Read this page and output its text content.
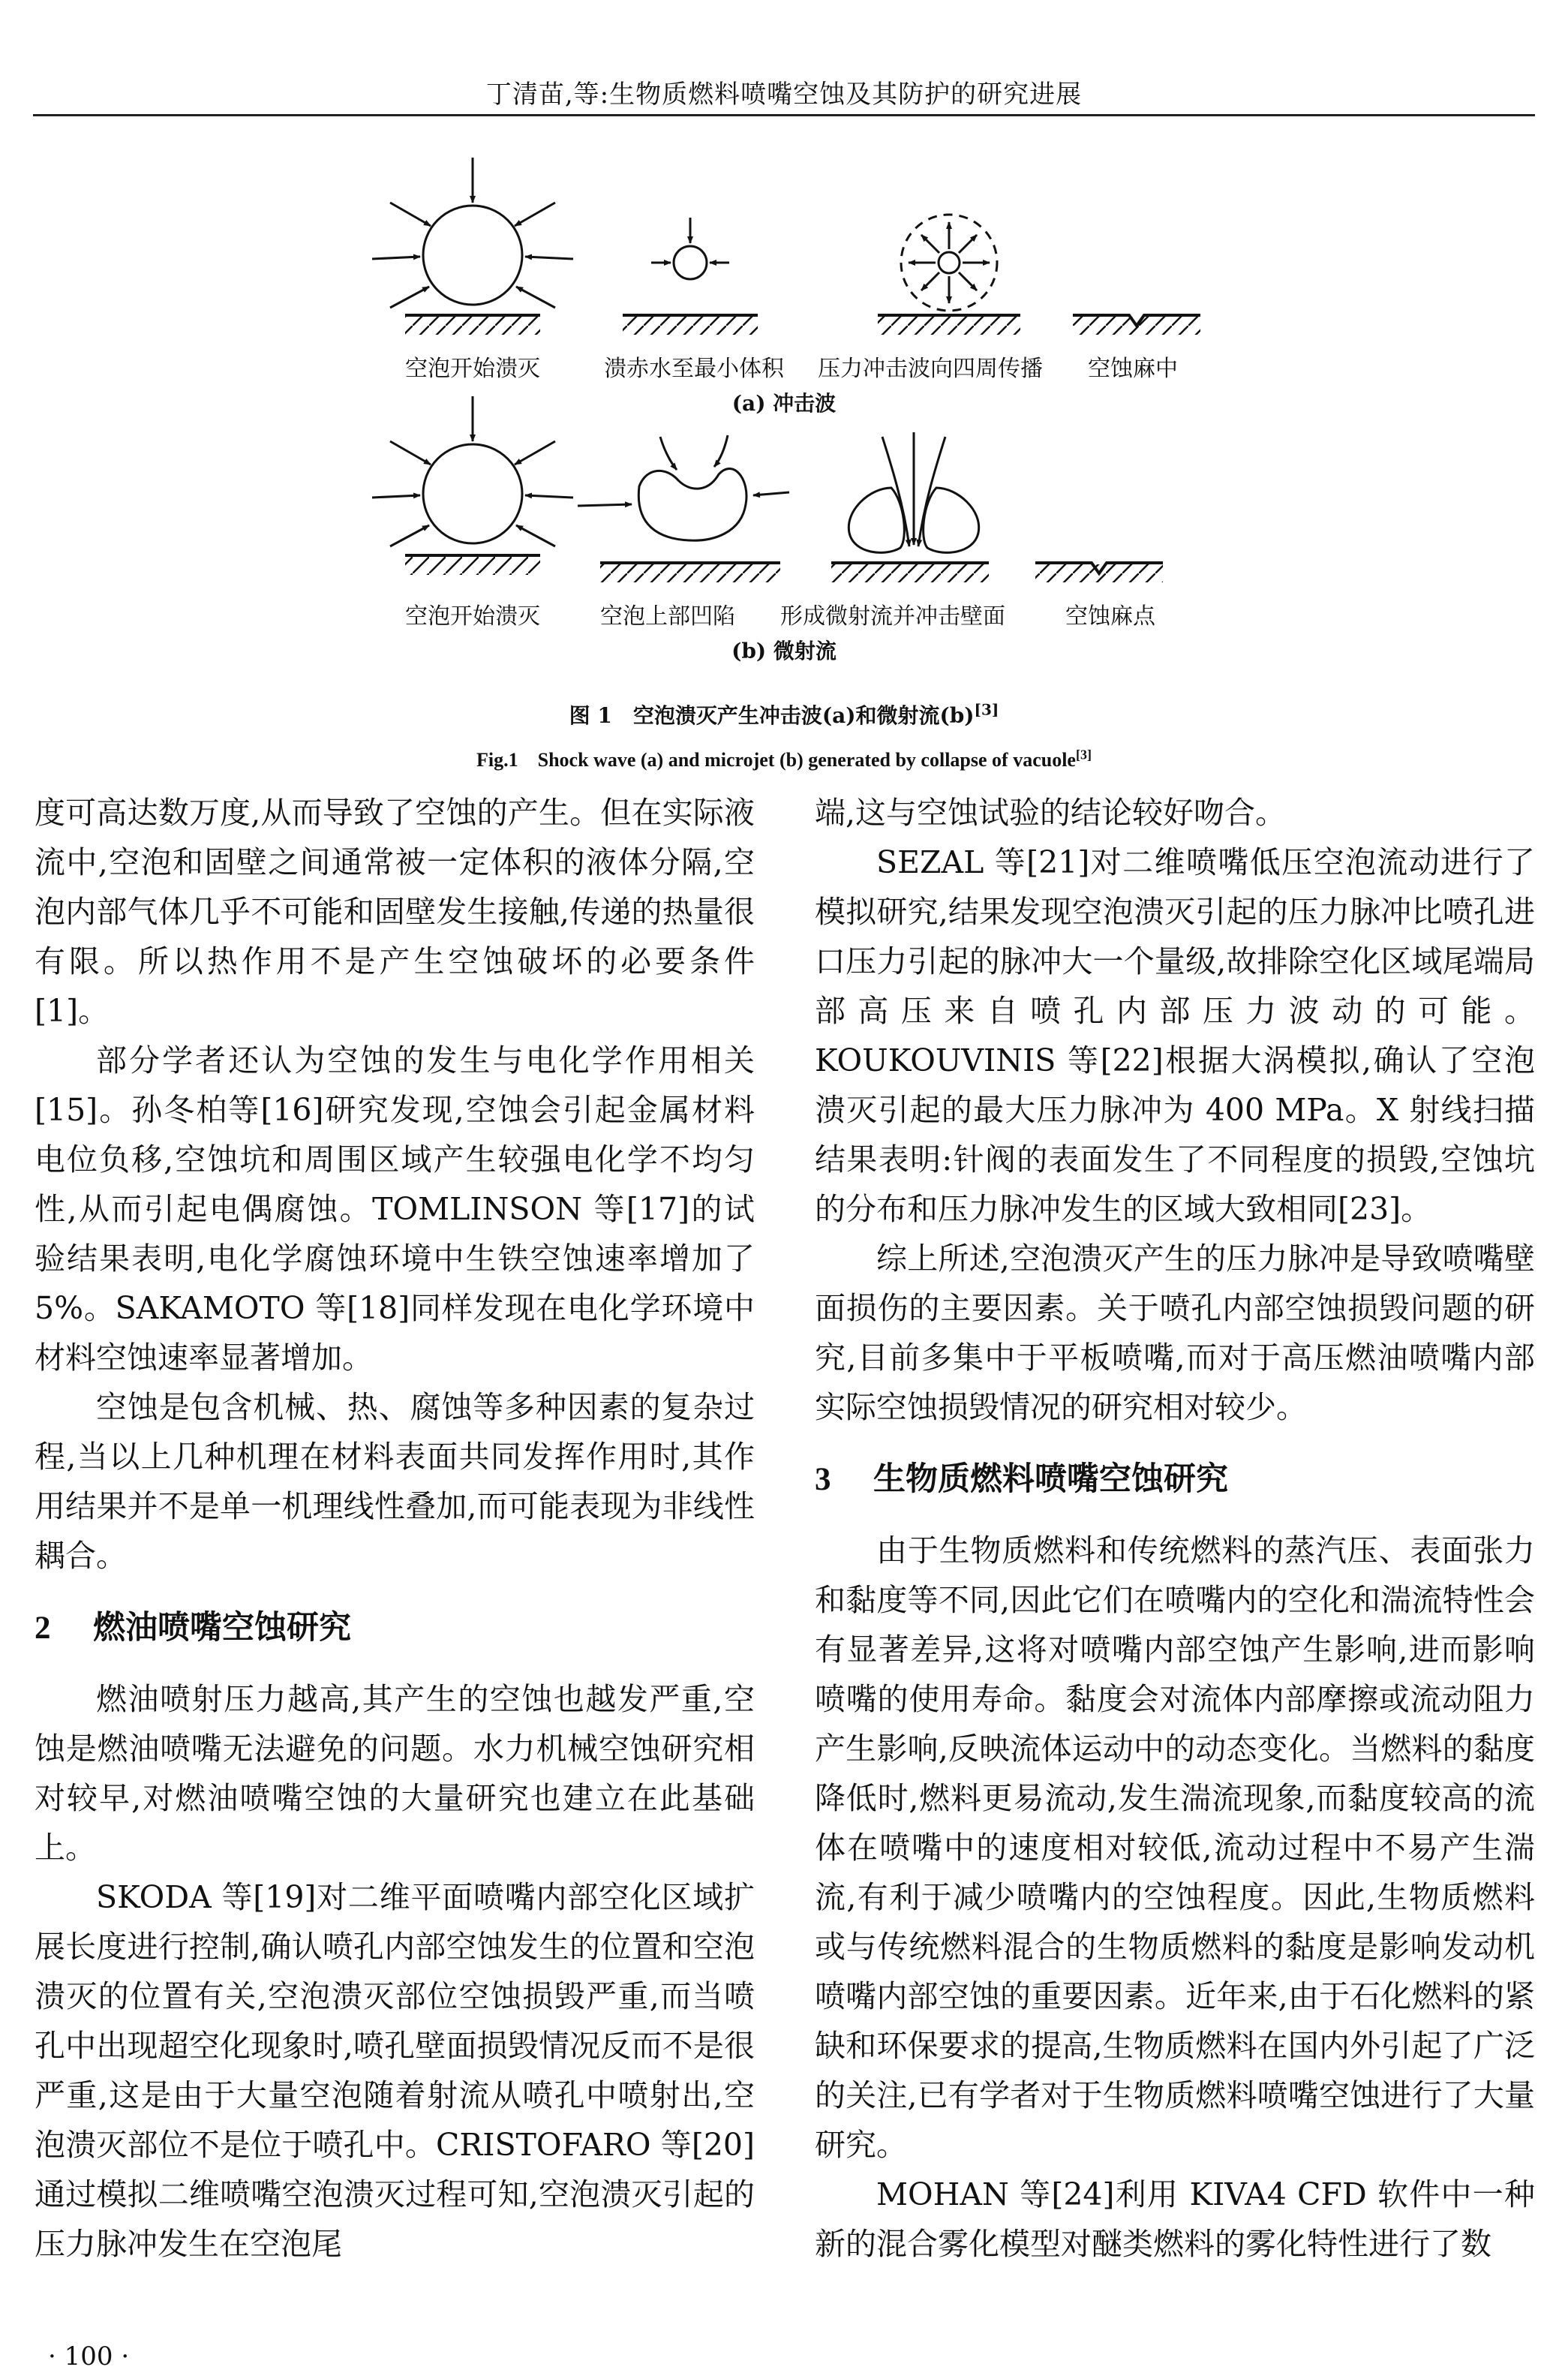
丁清苗,等:生物质燃料喷嘴空蚀及其防护的研究进展
空泡开始溃灭	溃赤水至最小体积	压力冲击波向四周传播	空蚀麻中
(a) 冲击波
空泡开始溃灭	空泡上部凹陷	形成微射流并冲击壁面	空蚀麻点
(b) 微射流
图 1　空泡溃灭产生冲击波(a)和微射流(b)[3]
Fig.1　Shock wave (a) and microjet (b) generated by collapse of vacuole[3]

度可高达数万度,从而导致了空蚀的产生。但在实际液流中,空泡和固壁之间通常被一定体积的液体分隔,空泡内部气体几乎不可能和固壁发生接触,传递的热量很有限。所以热作用不是产生空蚀破坏的必要条件[1]。

部分学者还认为空蚀的发生与电化学作用相关[15]。孙冬柏等[16]研究发现,空蚀会引起金属材料电位负移,空蚀坑和周围区域产生较强电化学不均匀性,从而引起电偶腐蚀。TOMLINSON 等[17]的试验结果表明,电化学腐蚀环境中生铁空蚀速率增加了 5%。SAKAMOTO 等[18]同样发现在电化学环境中材料空蚀速率显著增加。

空蚀是包含机械、热、腐蚀等多种因素的复杂过程,当以上几种机理在材料表面共同发挥作用时,其作用结果并不是单一机理线性叠加,而可能表现为非线性耦合。

2 燃油喷嘴空蚀研究

燃油喷射压力越高,其产生的空蚀也越发严重,空蚀是燃油喷嘴无法避免的问题。水力机械空蚀研究相对较早,对燃油喷嘴空蚀的大量研究也建立在此基础上。

SKODA 等[19]对二维平面喷嘴内部空化区域扩展长度进行控制,确认喷孔内部空蚀发生的位置和空泡溃灭的位置有关,空泡溃灭部位空蚀损毁严重,而当喷孔中出现超空化现象时,喷孔壁面损毁情况反而不是很严重,这是由于大量空泡随着射流从喷孔中喷射出,空泡溃灭部位不是位于喷孔中。CRISTOFARO 等[20]通过模拟二维喷嘴空泡溃灭过程可知,空泡溃灭引起的压力脉冲发生在空泡尾

端,这与空蚀试验的结论较好吻合。

SEZAL 等[21]对二维喷嘴低压空泡流动进行了模拟研究,结果发现空泡溃灭引起的压力脉冲比喷孔进口压力引起的脉冲大一个量级,故排除空化区域尾端局部高压来自喷孔内部压力波动的可能。KOUKOUVINIS 等[22]根据大涡模拟,确认了空泡溃灭引起的最大压力脉冲为 400 MPa。X 射线扫描结果表明:针阀的表面发生了不同程度的损毁,空蚀坑的分布和压力脉冲发生的区域大致相同[23]。

综上所述,空泡溃灭产生的压力脉冲是导致喷嘴壁面损伤的主要因素。关于喷孔内部空蚀损毁问题的研究,目前多集中于平板喷嘴,而对于高压燃油喷嘴内部实际空蚀损毁情况的研究相对较少。

3 生物质燃料喷嘴空蚀研究

由于生物质燃料和传统燃料的蒸汽压、表面张力和黏度等不同,因此它们在喷嘴内的空化和湍流特性会有显著差异,这将对喷嘴内部空蚀产生影响,进而影响喷嘴的使用寿命。黏度会对流体内部摩擦或流动阻力产生影响,反映流体运动中的动态变化。当燃料的黏度降低时,燃料更易流动,发生湍流现象,而黏度较高的流体在喷嘴中的速度相对较低,流动过程中不易产生湍流,有利于减少喷嘴内的空蚀程度。因此,生物质燃料或与传统燃料混合的生物质燃料的黏度是影响发动机喷嘴内部空蚀的重要因素。近年来,由于石化燃料的紧缺和环保要求的提高,生物质燃料在国内外引起了广泛的关注,已有学者对于生物质燃料喷嘴空蚀进行了大量研究。

MOHAN 等[24]利用 KIVA4 CFD 软件中一种新的混合雾化模型对醚类燃料的雾化特性进行了数

· 100 ·
